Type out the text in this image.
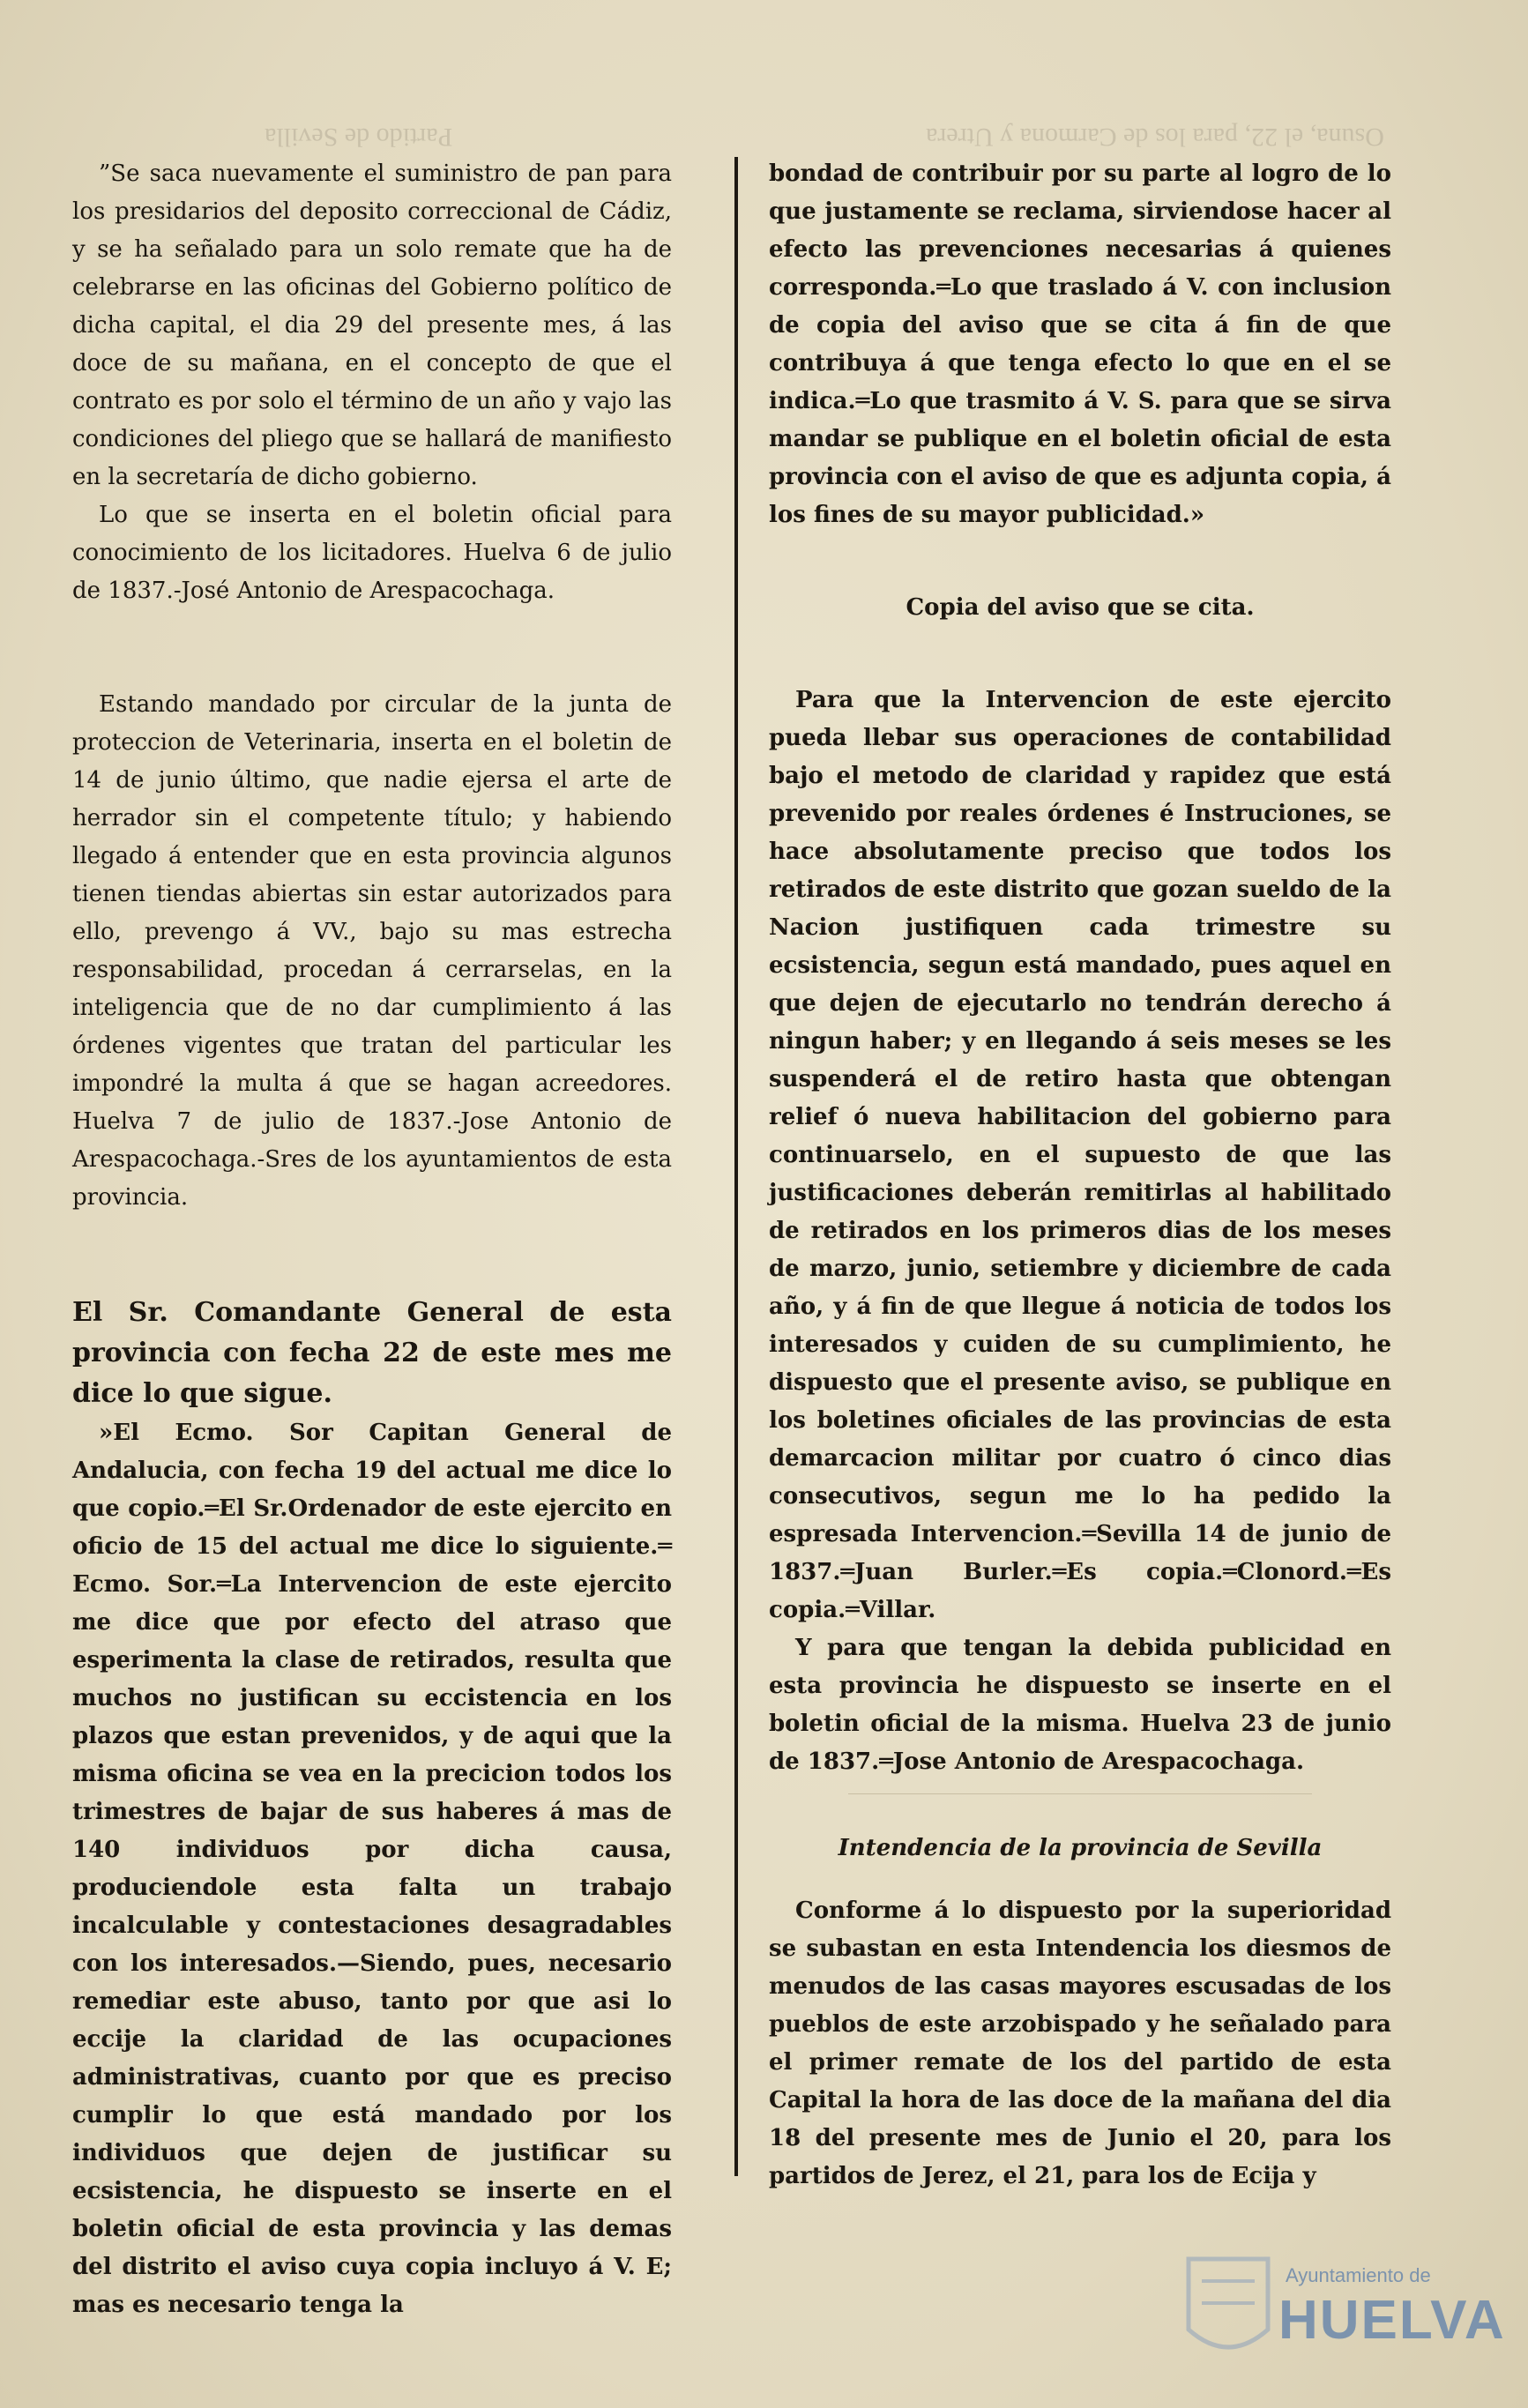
Partido de Sevilla	Osuna, el 22, para los de Carmona y Utrera

”Se saca nuevamente el suministro de pan para los presidarios del deposito correccional de Cádiz, y se ha señalado para un solo remate que ha de celebrarse en las oficinas del Gobierno político de dicha capital, el dia 29 del presente mes, á las doce de su mañana, en el concepto de que el contrato es por solo el término de un año y vajo las condiciones del pliego que se hallará de manifiesto en la secretaría de dicho gobierno.

Lo que se inserta en el boletin oficial para conocimiento de los licitadores. Huelva 6 de julio de 1837.-José Antonio de Arespacochaga.

Estando mandado por circular de la junta de proteccion de Veterinaria, inserta en el boletin de 14 de junio último, que nadie ejersa el arte de herrador sin el competente título; y habiendo llegado á entender que en esta provincia algunos tienen tiendas abiertas sin estar autorizados para ello, prevengo á VV., bajo su mas estrecha responsabilidad, procedan á cerrarselas, en la inteligencia que de no dar cumplimiento á las órdenes vigentes que tratan del particular les impondré la multa á que se hagan acreedores. Huelva 7 de julio de 1837.-Jose Antonio de Arespacochaga.-Sres de los ayuntamientos de esta provincia.

El Sr. Comandante General de esta provincia con fecha 22 de este mes me dice lo que sigue.

»El Ecmo. Sor Capitan General de Andalucia, con fecha 19 del actual me dice lo que copio.═El Sr.Ordenador de este ejercito en oficio de 15 del actual me dice lo siguiente.═ Ecmo. Sor.═La Intervencion de este ejercito me dice que por efecto del atraso que esperimenta la clase de retirados, resulta que muchos no justifican su eccistencia en los plazos que estan prevenidos, y de aqui que la misma oficina se vea en la precicion todos los trimestres de bajar de sus haberes á mas de 140 individuos por dicha causa, produciendole esta falta un trabajo incalculable y contestaciones desagradables con los interesados.—Siendo, pues, necesario remediar este abuso, tanto por que asi lo eccije la claridad de las ocupaciones administrativas, cuanto por que es preciso cumplir lo que está mandado por los individuos que dejen de justificar su ecsistencia, he dispuesto se inserte en el boletin oficial de esta provincia y las demas del distrito el aviso cuya copia incluyo á V. E; mas es necesario tenga la

bondad de contribuir por su parte al logro de lo que justamente se reclama, sirviendose hacer al efecto las prevenciones necesarias á quienes corresponda.═Lo que traslado á V. con inclusion de copia del aviso que se cita á fin de que contribuya á que tenga efecto lo que en el se indica.═Lo que trasmito á V. S. para que se sirva mandar se publique en el boletin oficial de esta provincia con el aviso de que es adjunta copia, á los fines de su mayor publicidad.»

Copia del aviso que se cita.

Para que la Intervencion de este ejercito pueda llebar sus operaciones de contabilidad bajo el metodo de claridad y rapidez que está prevenido por reales órdenes é Instruciones, se hace absolutamente preciso que todos los retirados de este distrito que gozan sueldo de la Nacion justifiquen cada trimestre su ecsistencia, segun está mandado, pues aquel en que dejen de ejecutarlo no tendrán derecho á ningun haber; y en llegando á seis meses se les suspenderá el de retiro hasta que obtengan relief ó nueva habilitacion del gobierno para continuarselo, en el supuesto de que las justificaciones deberán remitirlas al habilitado de retirados en los primeros dias de los meses de marzo, junio, setiembre y diciembre de cada año, y á fin de que llegue á noticia de todos los interesados y cuiden de su cumplimiento, he dispuesto que el presente aviso, se publique en los boletines oficiales de las provincias de esta demarcacion militar por cuatro ó cinco dias consecutivos, segun me lo ha pedido la espresada Intervencion.═Sevilla 14 de junio de 1837.═Juan Burler.═Es copia.═Clonord.═Es copia.═Villar.

Y para que tengan la debida publicidad en esta provincia he dispuesto se inserte en el boletin oficial de la misma. Huelva 23 de junio de 1837.═Jose Antonio de Arespacochaga.

Intendencia de la provincia de Sevilla

Conforme á lo dispuesto por la superioridad se subastan en esta Intendencia los diesmos de menudos de las casas mayores escusadas de los pueblos de este arzobispado y he señalado para el primer remate de los del partido de esta Capital la hora de las doce de la mañana del dia 18 del presente mes de Junio el 20, para los partidos de Jerez, el 21, para los de Ecija y

Ayuntamiento de
HUELVA
